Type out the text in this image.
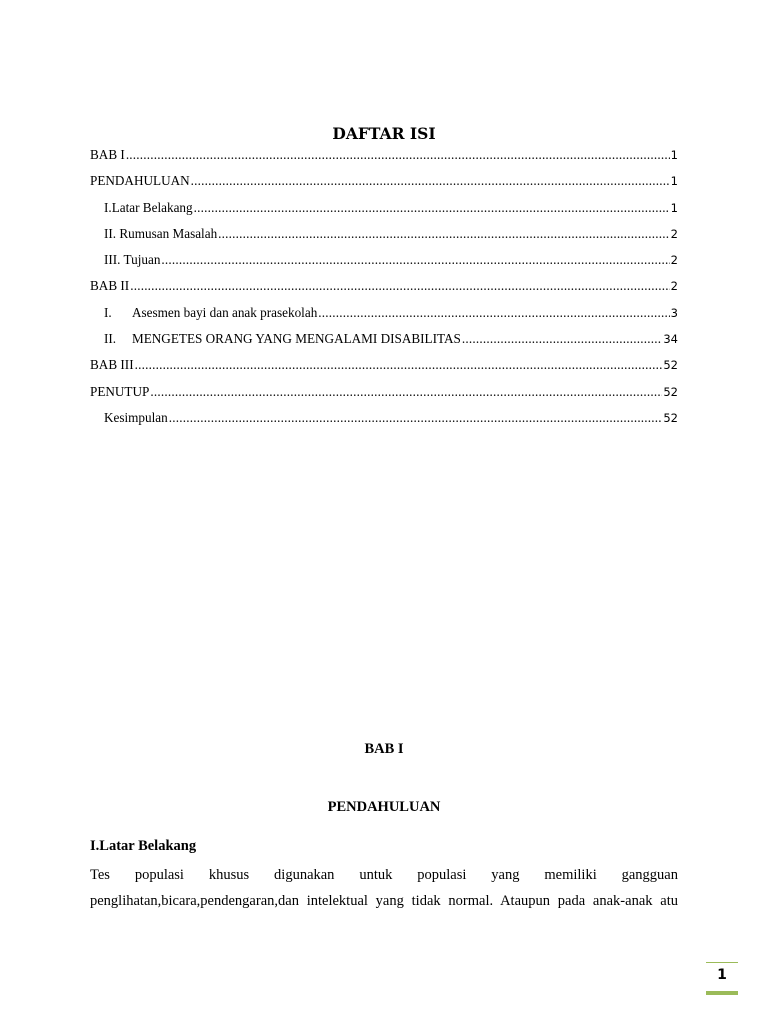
DAFTAR ISI
BAB I .....	1
PENDAHULUAN .....	1
I.Latar Belakang .....	1
II. Rumusan Masalah .....	2
III. Tujuan .....	2
BAB II .....	2
I. Asesmen bayi dan anak prasekolah .....	3
II. MENGETES ORANG YANG MENGALAMI DISABILITAS .....	34
BAB III .....	52
PENUTUP .....	52
Kesimpulan .....	52
BAB I
PENDAHULUAN
I.Latar Belakang

Tes populasi khusus digunakan untuk populasi yang memiliki gangguan penglihatan,bicara,pendengaran,dan intelektual yang tidak normal. Ataupun pada anak-anak atu

1
